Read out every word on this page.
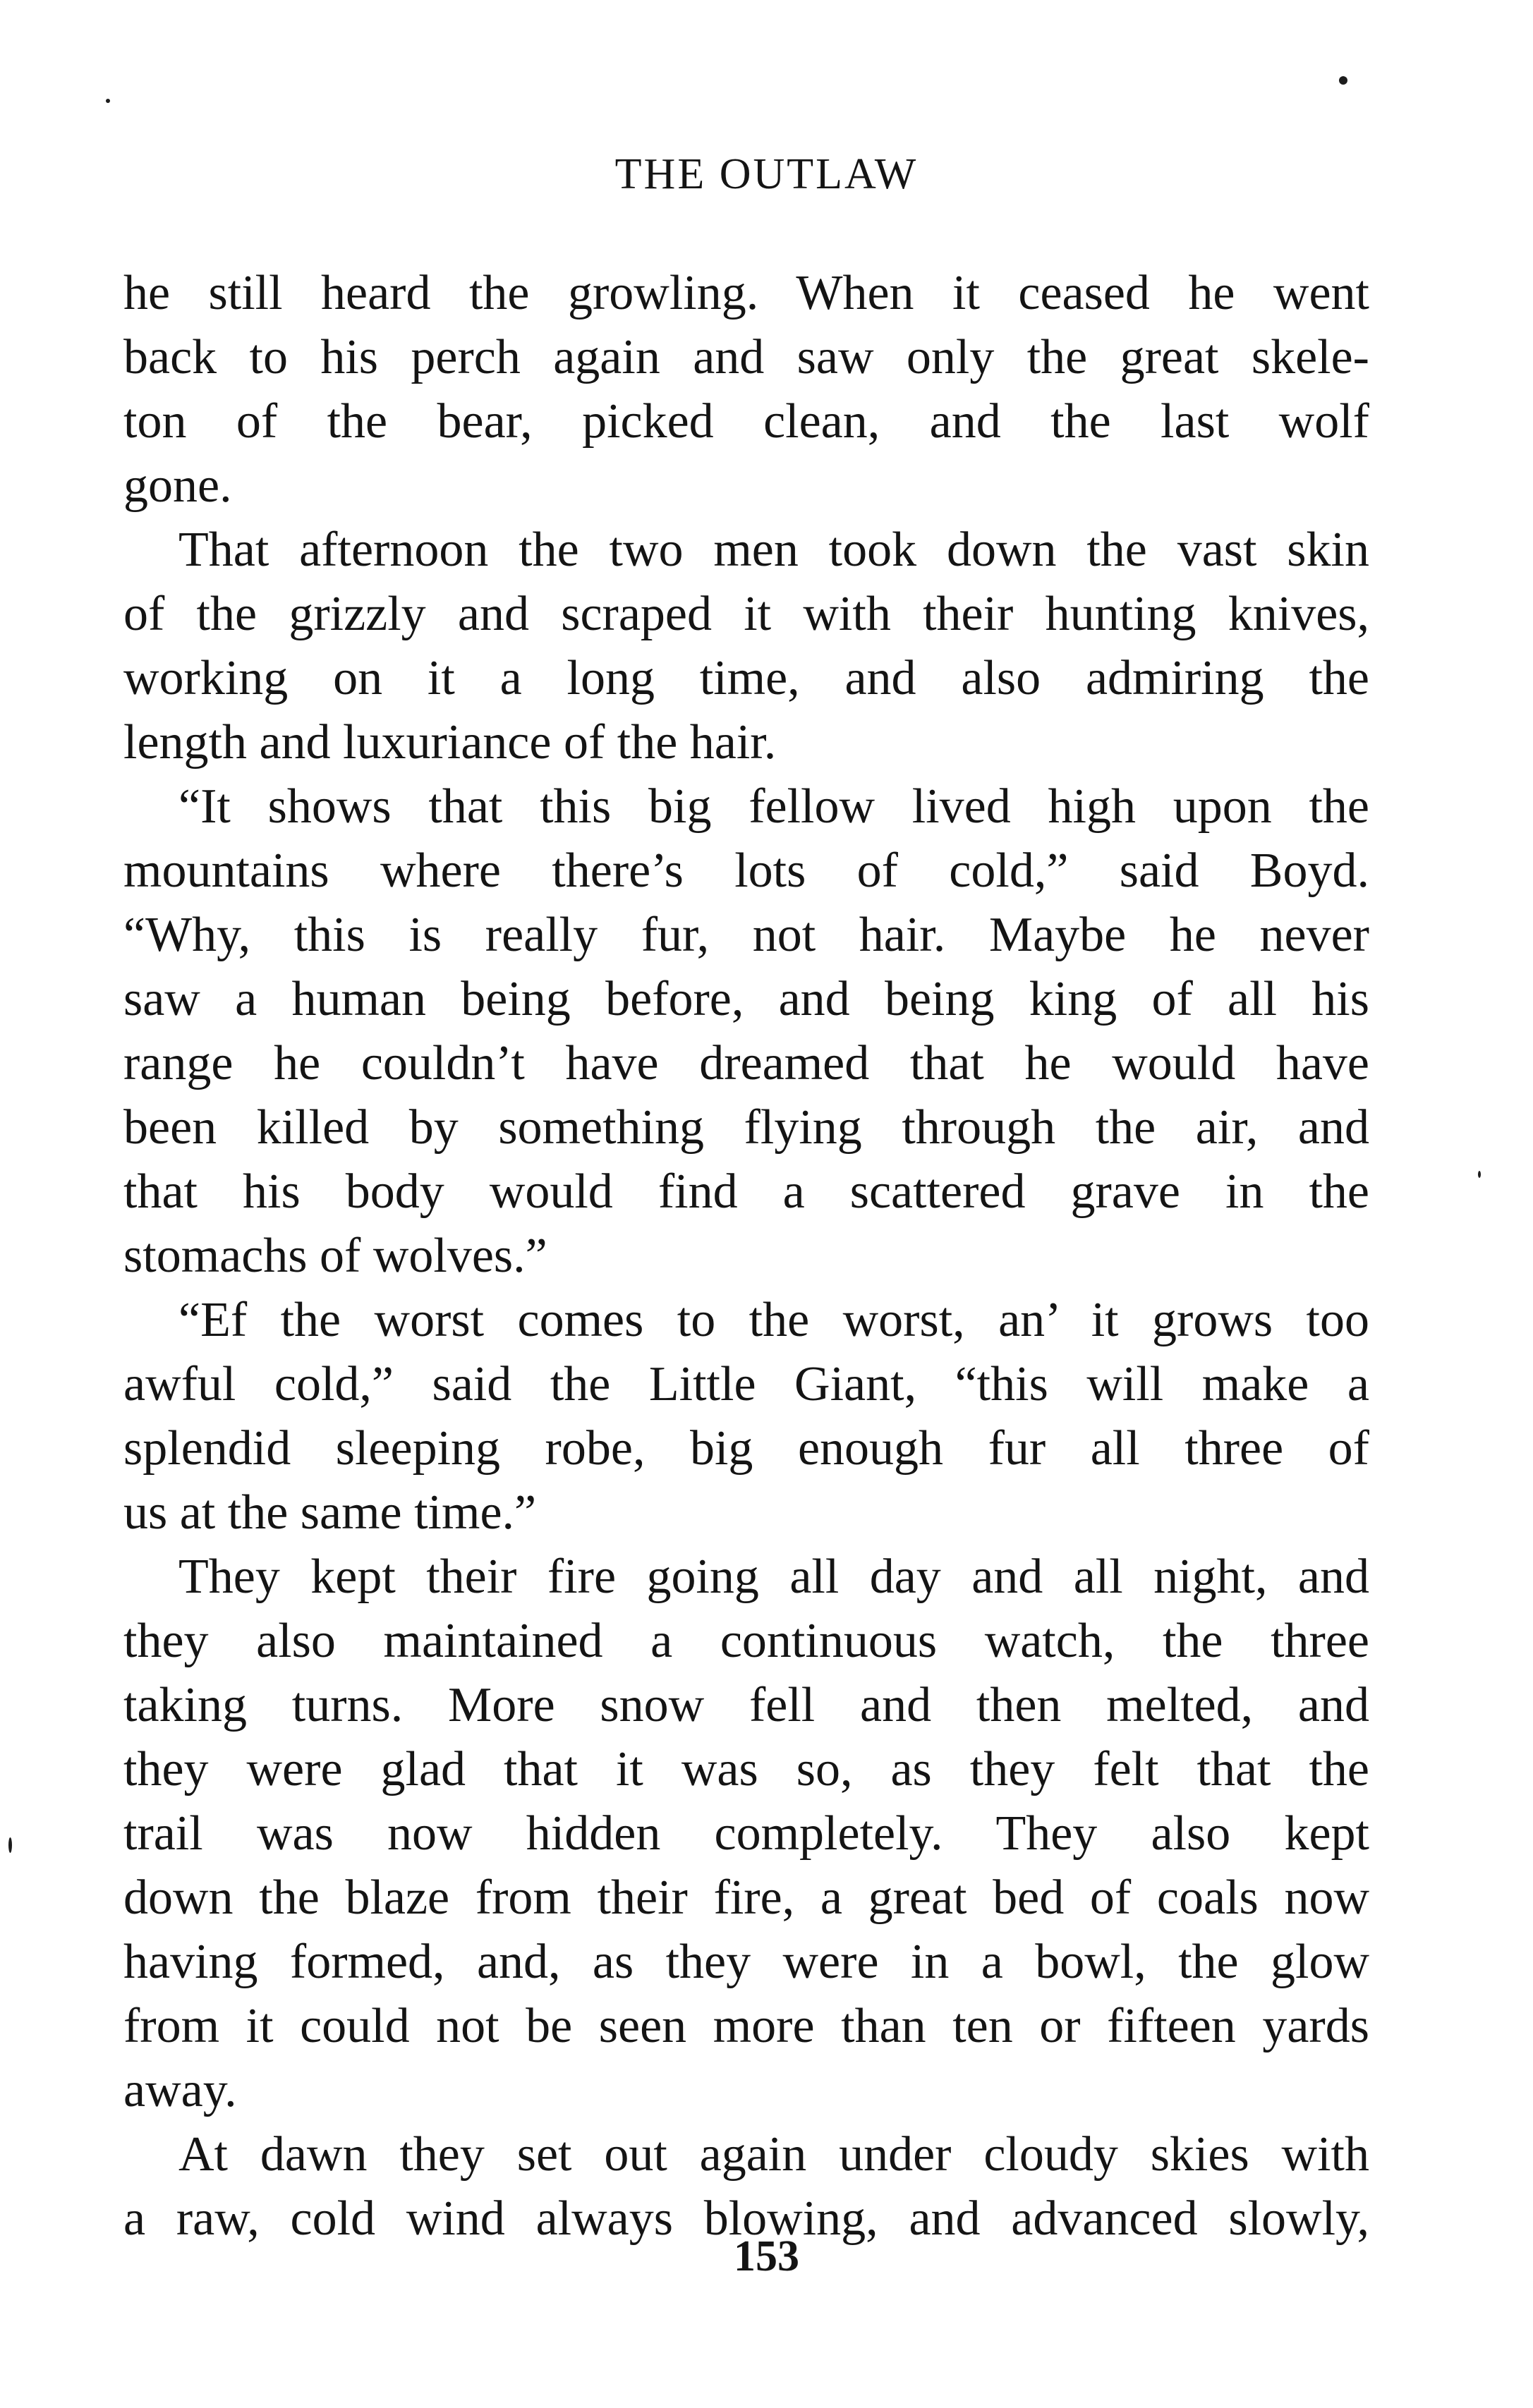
THE OUTLAW
he still heard the growling. When it ceased he went
back to his perch again and saw only the great skele-
ton of the bear, picked clean, and the last wolf
gone.
That afternoon the two men took down the vast skin
of the grizzly and scraped it with their hunting knives,
working on it a long time, and also admiring the
length and luxuriance of the hair.
“It shows that this big fellow lived high upon the
mountains where there’s lots of cold,” said Boyd.
“Why, this is really fur, not hair. Maybe he never
saw a human being before, and being king of all his
range he couldn’t have dreamed that he would have
been killed by something flying through the air, and
that his body would find a scattered grave in the
stomachs of wolves.”
“Ef the worst comes to the worst, an’ it grows too
awful cold,” said the Little Giant, “this will make a
splendid sleeping robe, big enough fur all three of
us at the same time.”
They kept their fire going all day and all night, and
they also maintained a continuous watch, the three
taking turns. More snow fell and then melted, and
they were glad that it was so, as they felt that the
trail was now hidden completely. They also kept
down the blaze from their fire, a great bed of coals now
having formed, and, as they were in a bowl, the glow
from it could not be seen more than ten or fifteen yards
away.
At dawn they set out again under cloudy skies with
a raw, cold wind always blowing, and advanced slowly,
153
